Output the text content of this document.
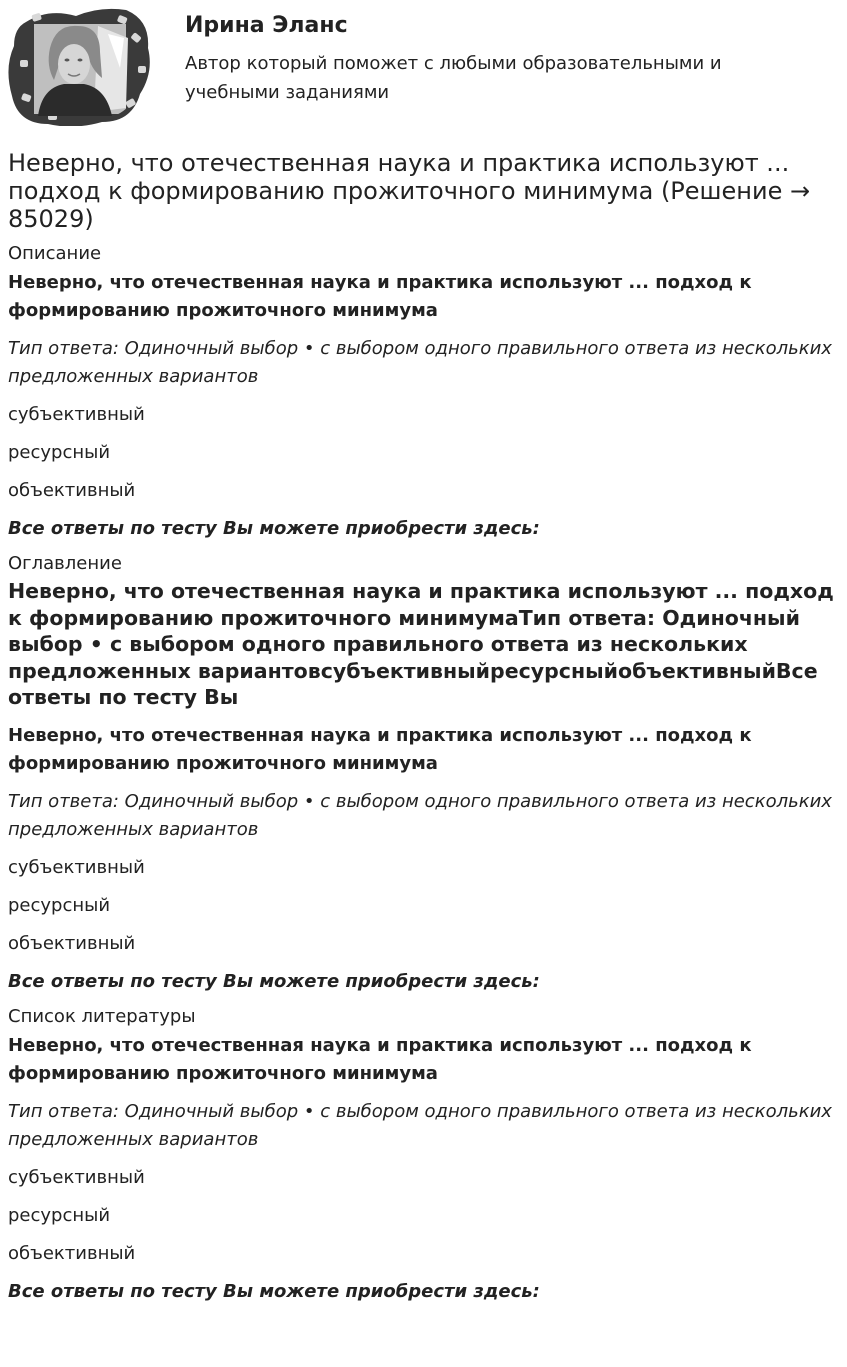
Ирина Эланс

Автор который поможет с любыми образовательными и учебными заданиями

Неверно, что отечественная наука и практика используют ... подход к формированию прожиточного минимума (Решение → 85029)
Описание

Неверно, что отечественная наука и практика используют ... подход к формированию прожиточного минимума

Тип ответа: Одиночный выбор • с выбором одного правильного ответа из нескольких предложенных вариантов

субъективный

ресурсный

объективный

Все ответы по тесту Вы можете приобрести здесь:

Оглавление
Неверно, что отечественная наука и практика используют ... подход к формированию прожиточного минимумаТип ответа: Одиночный выбор • с выбором одного правильного ответа из нескольких предложенных вариантовсубъективныйресурсныйобъективныйВсе ответы по тесту Вы

Неверно, что отечественная наука и практика используют ... подход к формированию прожиточного минимума

Тип ответа: Одиночный выбор • с выбором одного правильного ответа из нескольких предложенных вариантов

субъективный

ресурсный

объективный

Все ответы по тесту Вы можете приобрести здесь:

Список литературы

Неверно, что отечественная наука и практика используют ... подход к формированию прожиточного минимума

Тип ответа: Одиночный выбор • с выбором одного правильного ответа из нескольких предложенных вариантов

субъективный

ресурсный

объективный

Все ответы по тесту Вы можете приобрести здесь:
